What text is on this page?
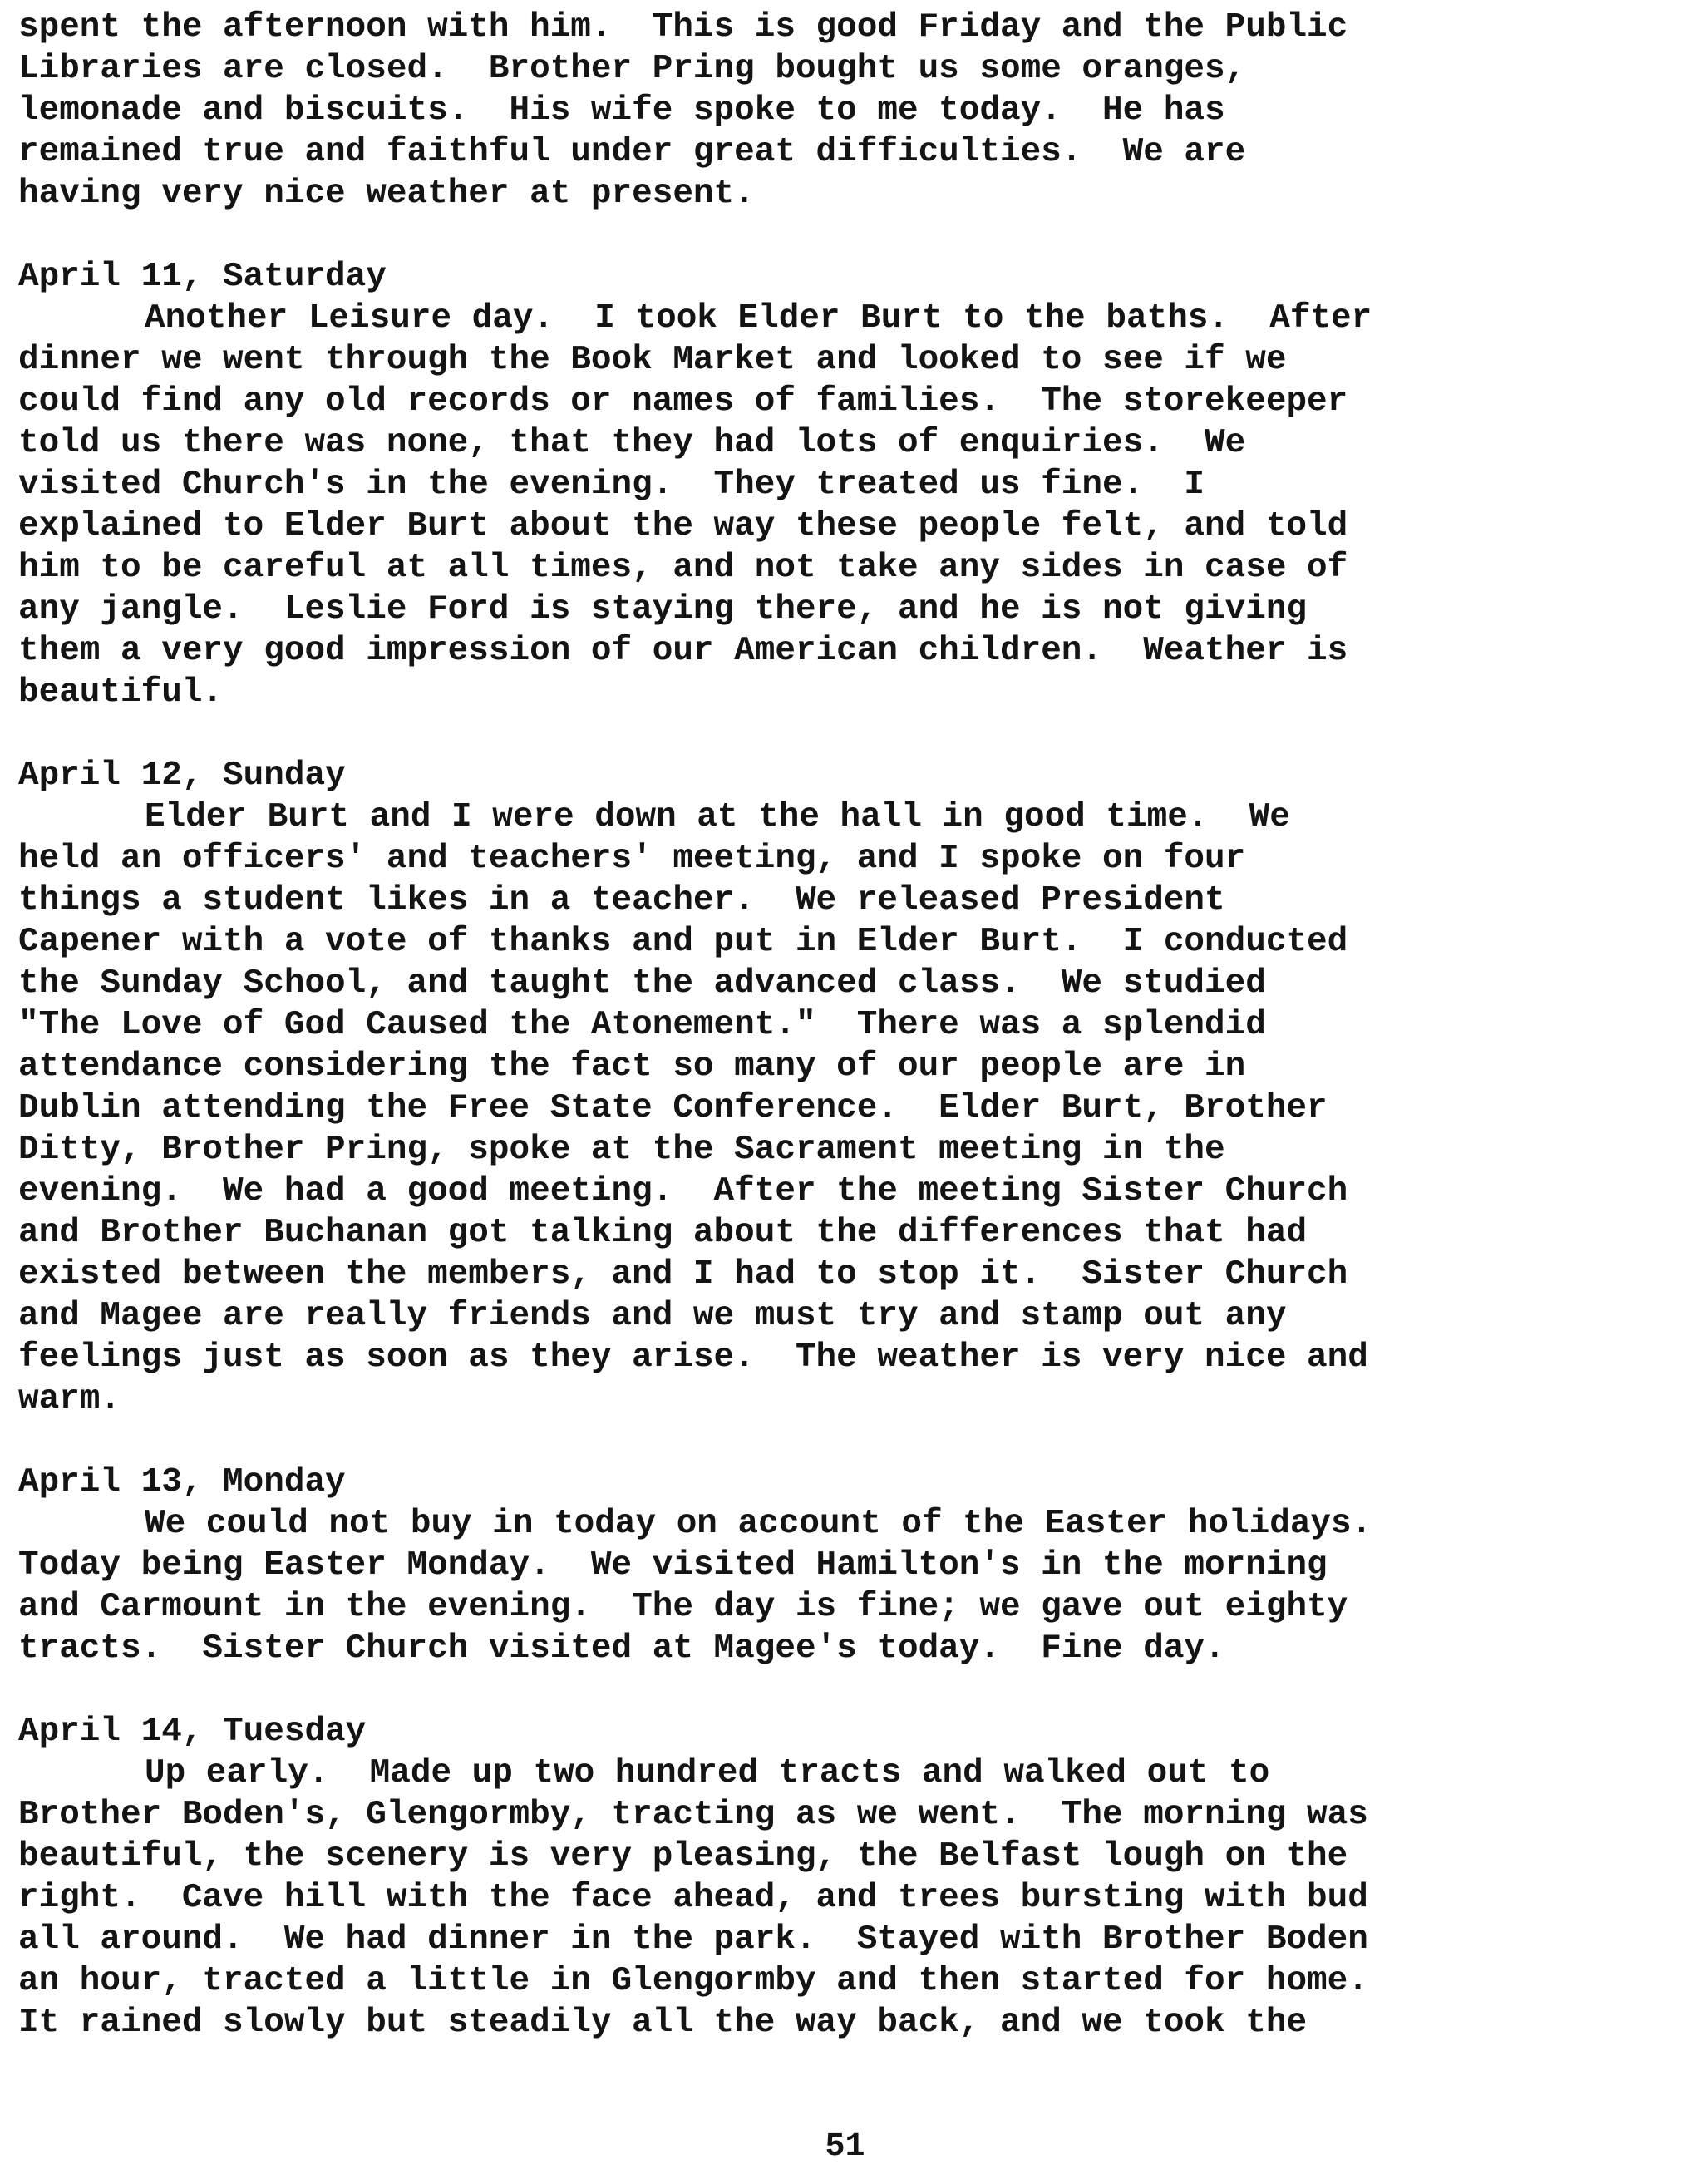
spent the afternoon with him.  This is good Friday and the Public
Libraries are closed.  Brother Pring bought us some oranges,
lemonade and biscuits.  His wife spoke to me today.  He has
remained true and faithful under great difficulties.  We are
having very nice weather at present.
April 11, Saturday
Another Leisure day.  I took Elder Burt to the baths.  After
dinner we went through the Book Market and looked to see if we
could find any old records or names of families.  The storekeeper
told us there was none, that they had lots of enquiries.  We
visited Church's in the evening.  They treated us fine.  I
explained to Elder Burt about the way these people felt, and told
him to be careful at all times, and not take any sides in case of
any jangle.  Leslie Ford is staying there, and he is not giving
them a very good impression of our American children.  Weather is
beautiful.
April 12, Sunday
Elder Burt and I were down at the hall in good time.  We
held an officers' and teachers' meeting, and I spoke on four
things a student likes in a teacher.  We released President
Capener with a vote of thanks and put in Elder Burt.  I conducted
the Sunday School, and taught the advanced class.  We studied
"The Love of God Caused the Atonement."  There was a splendid
attendance considering the fact so many of our people are in
Dublin attending the Free State Conference.  Elder Burt, Brother
Ditty, Brother Pring, spoke at the Sacrament meeting in the
evening.  We had a good meeting.  After the meeting Sister Church
and Brother Buchanan got talking about the differences that had
existed between the members, and I had to stop it.  Sister Church
and Magee are really friends and we must try and stamp out any
feelings just as soon as they arise.  The weather is very nice and
warm.
April 13, Monday
We could not buy in today on account of the Easter holidays.
Today being Easter Monday.  We visited Hamilton's in the morning
and Carmount in the evening.  The day is fine; we gave out eighty
tracts.  Sister Church visited at Magee's today.  Fine day.
April 14, Tuesday
Up early.  Made up two hundred tracts and walked out to
Brother Boden's, Glengormby, tracting as we went.  The morning was
beautiful, the scenery is very pleasing, the Belfast lough on the
right.  Cave hill with the face ahead, and trees bursting with bud
all around.  We had dinner in the park.  Stayed with Brother Boden
an hour, tracted a little in Glengormby and then started for home.
It rained slowly but steadily all the way back, and we took the
51
